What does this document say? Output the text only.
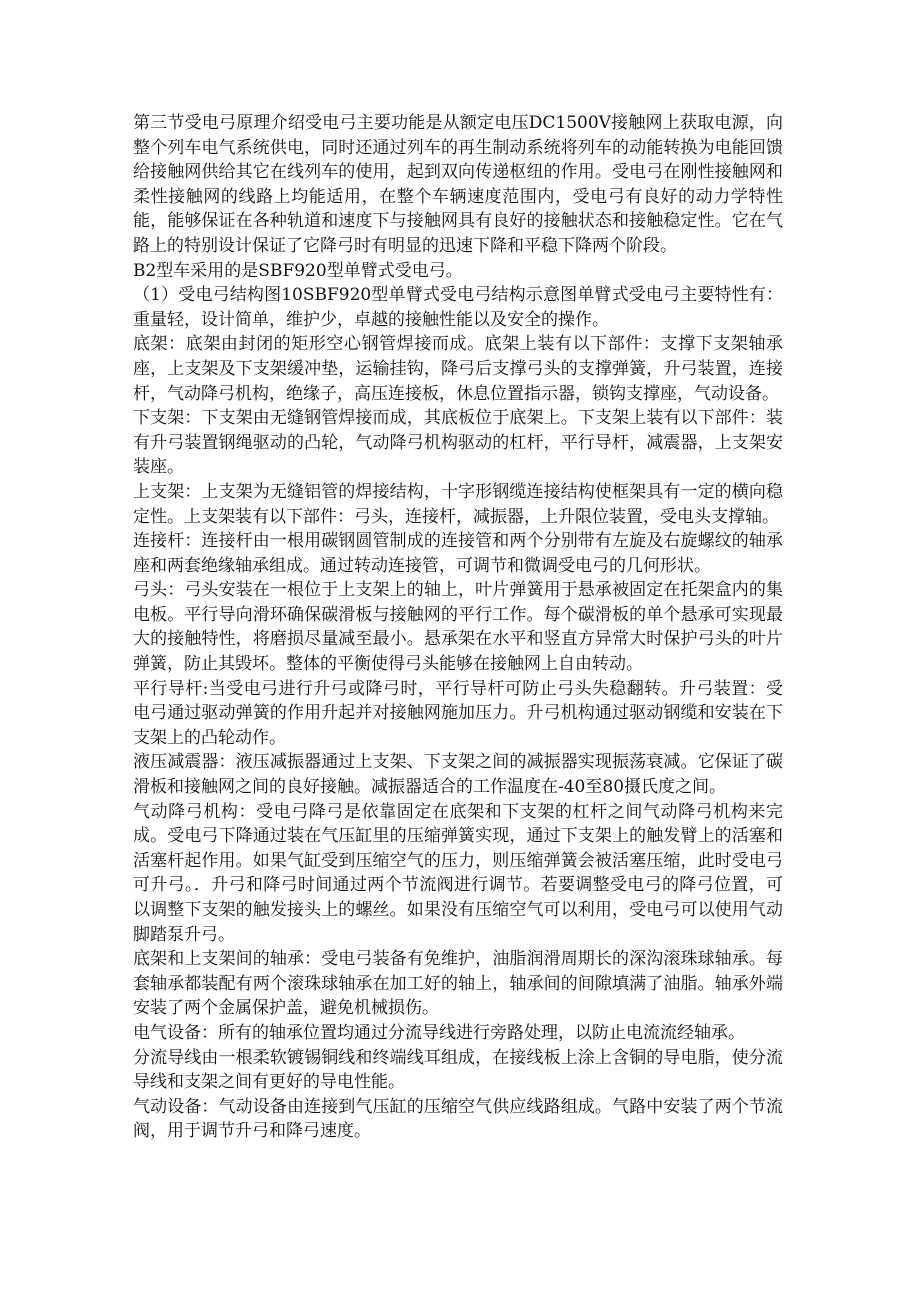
第三节受电弓原理介绍受电弓主要功能是从额定电压DC1500V接触网上获取电源，向整个列车电气系统供电，同时还通过列车的再生制动系统将列车的动能转换为电能回馈给接触网供给其它在线列车的使用，起到双向传递枢纽的作用。受电弓在刚性接触网和柔性接触网的线路上均能适用，在整个车辆速度范围内，受电弓有良好的动力学特性能，能够保证在各种轨道和速度下与接触网具有良好的接触状态和接触稳定性。它在气路上的特别设计保证了它降弓时有明显的迅速下降和平稳下降两个阶段。

B2型车采用的是SBF920型单臂式受电弓。

（1）受电弓结构图10SBF920型单臂式受电弓结构示意图单臂式受电弓主要特性有：重量轻，设计简单，维护少，卓越的接触性能以及安全的操作。

底架：底架由封闭的矩形空心钢管焊接而成。底架上装有以下部件：支撑下支架轴承座，上支架及下支架缓冲垫，运输挂钩，降弓后支撑弓头的支撑弹簧，升弓装置，连接杆，气动降弓机构，绝缘子，高压连接板，休息位置指示器，锁钩支撑座，气动设备。

下支架：下支架由无缝钢管焊接而成，其底板位于底架上。下支架上装有以下部件：装有升弓装置钢绳驱动的凸轮，气动降弓机构驱动的杠杆，平行导杆，减震器，上支架安装座。

上支架：上支架为无缝铝管的焊接结构，十字形钢缆连接结构使框架具有一定的横向稳定性。上支架装有以下部件：弓头，连接杆，减振器，上升限位装置，受电头支撑轴。

连接杆：连接杆由一根用碳钢圆管制成的连接管和两个分别带有左旋及右旋螺纹的轴承座和两套绝缘轴承组成。通过转动连接管，可调节和微调受电弓的几何形状。

弓头：弓头安装在一根位于上支架上的轴上，叶片弹簧用于悬承被固定在托架盒内的集电板。平行导向滑环确保碳滑板与接触网的平行工作。每个碳滑板的单个悬承可实现最大的接触特性，将磨损尽量减至最小。悬承架在水平和竖直方异常大时保护弓头的叶片弹簧，防止其毁坏。整体的平衡使得弓头能够在接触网上自由转动。

平行导杆:当受电弓进行升弓或降弓时，平行导杆可防止弓头失稳翻转。升弓装置：受电弓通过驱动弹簧的作用升起并对接触网施加压力。升弓机构通过驱动钢缆和安装在下支架上的凸轮动作。

液压减震器：液压减振器通过上支架、下支架之间的减振器实现振荡衰减。它保证了碳滑板和接触网之间的良好接触。减振器适合的工作温度在-40至80摄氏度之间。

气动降弓机构：受电弓降弓是依靠固定在底架和下支架的杠杆之间气动降弓机构来完成。受电弓下降通过装在气压缸里的压缩弹簧实现，通过下支架上的触发臂上的活塞和活塞杆起作用。如果气缸受到压缩空气的压力，则压缩弹簧会被活塞压缩，此时受电弓可升弓。．升弓和降弓时间通过两个节流阀进行调节。若要调整受电弓的降弓位置，可以调整下支架的触发接头上的螺丝。如果没有压缩空气可以利用，受电弓可以使用气动脚踏泵升弓。

底架和上支架间的轴承：受电弓装备有免维护，油脂润滑周期长的深沟滚珠球轴承。每套轴承都装配有两个滚珠球轴承在加工好的轴上，轴承间的间隙填满了油脂。轴承外端安装了两个金属保护盖，避免机械损伤。

电气设备：所有的轴承位置均通过分流导线进行旁路处理，以防止电流流经轴承。

分流导线由一根柔软镀锡铜线和终端线耳组成，在接线板上涂上含铜的导电脂，使分流导线和支架之间有更好的导电性能。

气动设备：气动设备由连接到气压缸的压缩空气供应线路组成。气路中安装了两个节流阀，用于调节升弓和降弓速度。
